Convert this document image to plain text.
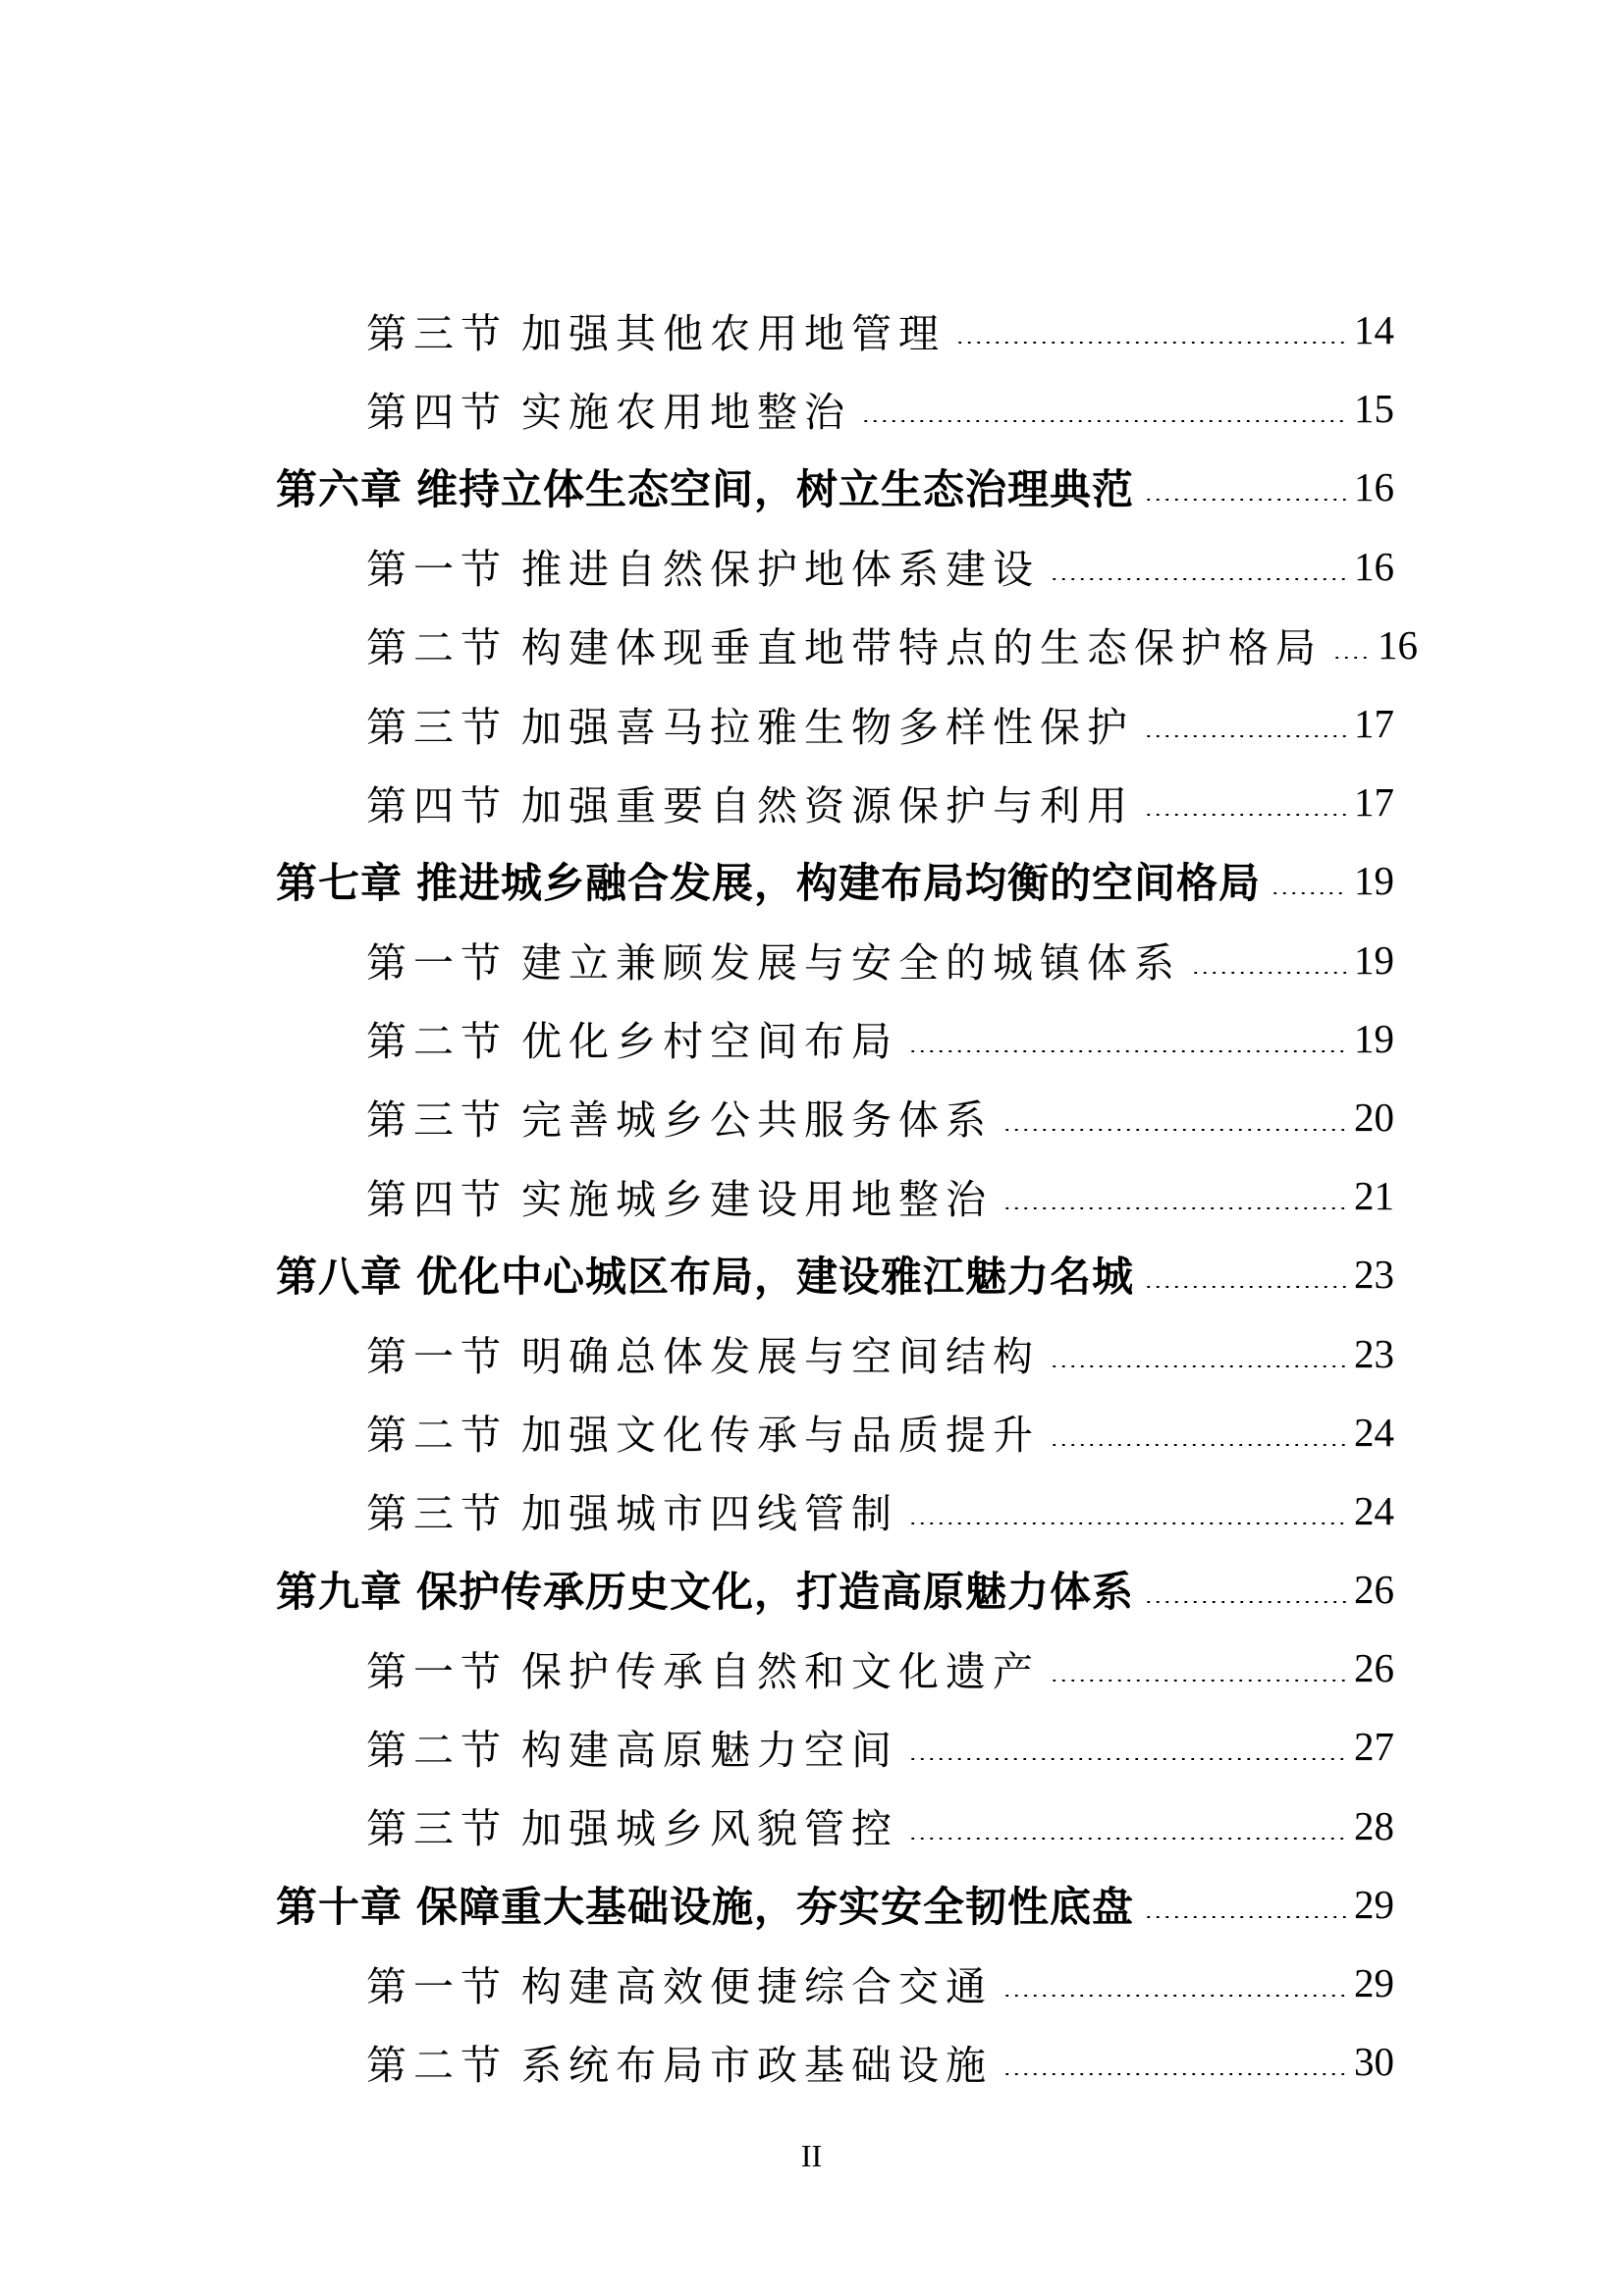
第三节 加强其他农用地管理	14
第四节 实施农用地整治	15
第六章 维持立体生态空间，树立生态治理典范	16
第一节 推进自然保护地体系建设	16
第二节 构建体现垂直地带特点的生态保护格局 16
第三节 加强喜马拉雅生物多样性保护	17
第四节 加强重要自然资源保护与利用	17
第七章 推进城乡融合发展，构建布局均衡的空间格局 19
第一节 建立兼顾发展与安全的城镇体系	19
第二节 优化乡村空间布局	19
第三节 完善城乡公共服务体系	20
第四节 实施城乡建设用地整治	21
第八章 优化中心城区布局，建设雅江魅力名城	23
第一节 明确总体发展与空间结构	23
第二节 加强文化传承与品质提升	24
第三节 加强城市四线管制	24
第九章 保护传承历史文化，打造高原魅力体系	26
第一节 保护传承自然和文化遗产	26
第二节 构建高原魅力空间	27
第三节 加强城乡风貌管控	28
第十章 保障重大基础设施，夯实安全韧性底盘	29
第一节 构建高效便捷综合交通	29
第二节 系统布局市政基础设施	30
II
